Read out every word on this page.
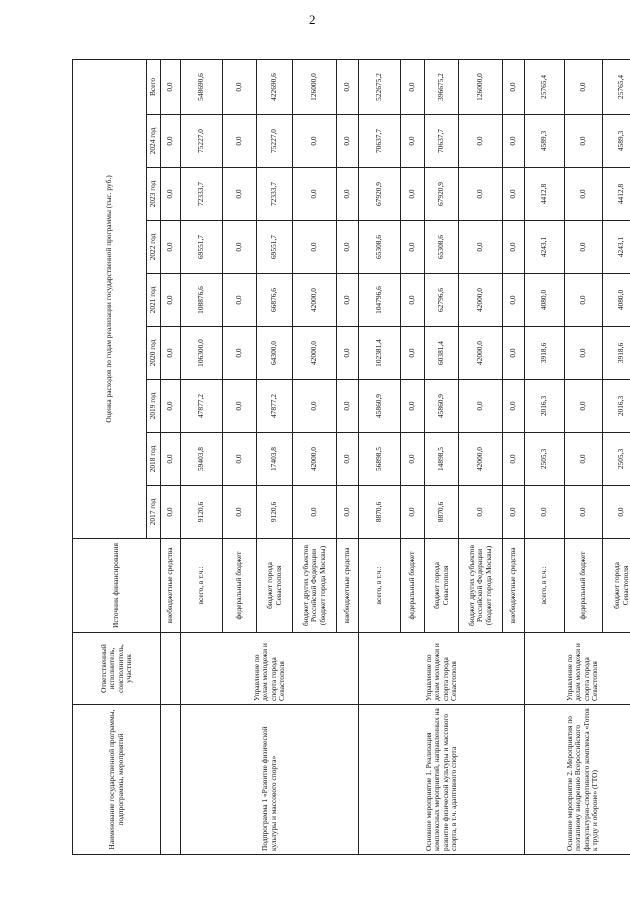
2
Наименование государственной программы, подпрограммы, мероприятий	Ответственный исполнитель, соисполнитель, участник	Источник финансирования	Оценка расходов по годам реализации государственной программы (тыс. руб.)								
			2017 год	2018 год	2019 год	2020 год	2021 год	2022 год	2023 год	2024 год	Всего
		внебюджетные средства	0,0	0,0	0,0	0,0	0,0	0,0	0,0	0,0	0,0
Подпрограмма 1 «Развитие физической культуры и массового спорта»	Управление по делам молодежи и спорта города Севастополя	всего, в т.ч.:	9120,6	59403,8	47877,2	106300,0	108876,6	69551,7	72333,7	75227,0	548690,6
		федеральный бюджет	0,0	0,0	0,0	0,0	0,0	0,0	0,0	0,0	0,0
		бюджет города Севастополя	9120,6	17403,8	47877,2	64300,0	66876,6	69551,7	72333,7	75227,0	422690,6
		бюджет других субъектов Российской Федерации (бюджет города Москвы)	0,0	42000,0	0,0	42000,0	42000,0	0,0	0,0	0,0	126000,0
		внебюджетные средства	0,0	0,0	0,0	0,0	0,0	0,0	0,0	0,0	0,0
Основное мероприятие 1. Реализация комплексных мероприятий, направленных на развитие физической культуры и массового спорта, в т.ч. адаптивного спорта	Управление по делам молодежи и спорта города Севастополя	всего, в т.ч.:	8870,6	56898,5	45860,9	102381,4	104796,6	65308,6	67920,9	70637,7	522675,2
		федеральный бюджет	0,0	0,0	0,0	0,0	0,0	0,0	0,0	0,0	0,0
		бюджет города Севастополя	8870,6	14898,5	45860,9	60381,4	62796,6	65308,6	67920,9	70637,7	396675,2
		бюджет других субъектов Российской Федерации (бюджет города Москвы)	0,0	42000,0	0,0	42000,0	42000,0	0,0	0,0	0,0	126000,0
		внебюджетные средства	0,0	0,0	0,0	0,0	0,0	0,0	0,0	0,0	0,0
Основное мероприятие 2. Мероприятия по поэтапному внедрению Всероссийского физкультурно-спортивного комплекса «Готов к труду и обороне» (ГТО)	Управление по делам молодежи и спорта города Севастополя	всего, в т.ч.:	0,0	2505,3	2016,3	3918,6	4080,0	4243,1	4412,8	4589,3	25765,4
		федеральный бюджет	0,0	0,0	0,0	0,0	0,0	0,0	0,0	0,0	0,0
		бюджет города Севастополя	0,0	2505,3	2016,3	3918,6	4080,0	4243,1	4412,8	4589,3	25765,4
